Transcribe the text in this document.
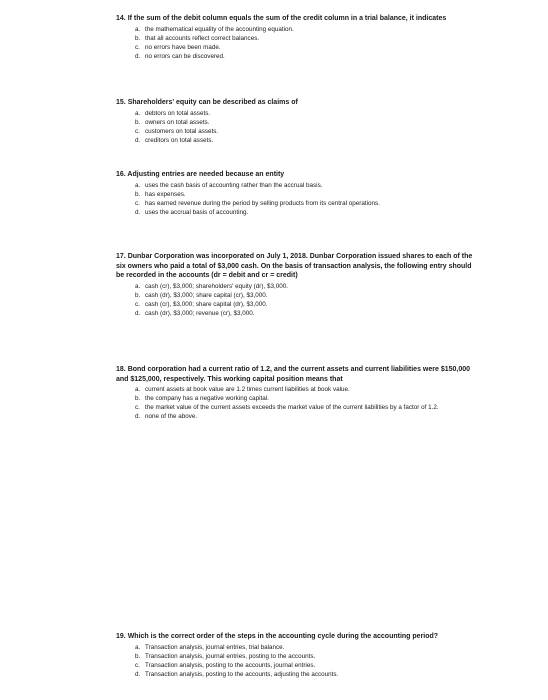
14. If the sum of the debit column equals the sum of the credit column in a trial balance, it indicates
a. the mathematical equality of the accounting equation.
b. that all accounts reflect correct balances.
c. no errors have been made.
d. no errors can be discovered.
15. Shareholders' equity can be described as claims of
a. debtors on total assets.
b. owners on total assets.
c. customers on total assets.
d. creditors on total assets.
16. Adjusting entries are needed because an entity
a. uses the cash basis of accounting rather than the accrual basis.
b. has expenses.
c. has earned revenue during the period by selling products from its central operations.
d. uses the accrual basis of accounting.
17. Dunbar Corporation was incorporated on July 1, 2018. Dunbar Corporation issued shares to each of the six owners who paid a total of $3,000 cash. On the basis of transaction analysis, the following entry should be recorded in the accounts (dr = debit and cr = credit)
a. cash (cr), $3,000; shareholders' equity (dr), $3,000.
b. cash (dr), $3,000; share capital (cr), $3,000.
c. cash (cr), $3,000; share capital (dr), $3,000.
d. cash (dr), $3,000; revenue (cr), $3,000.
18. Bond corporation had a current ratio of 1.2, and the current assets and current liabilities were $150,000 and $125,000, respectively. This working capital position means that
a. current assets at book value are 1.2 times current liabilities at book value.
b. the company has a negative working capital.
c. the market value of the current assets exceeds the market value of the current liabilities by a factor of 1.2.
d. none of the above.
19. Which is the correct order of the steps in the accounting cycle during the accounting period?
a. Transaction analysis, journal entries, trial balance.
b. Transaction analysis, journal entries, posting to the accounts.
c. Transaction analysis, posting to the accounts, journal entries.
d. Transaction analysis, posting to the accounts, adjusting the accounts.
